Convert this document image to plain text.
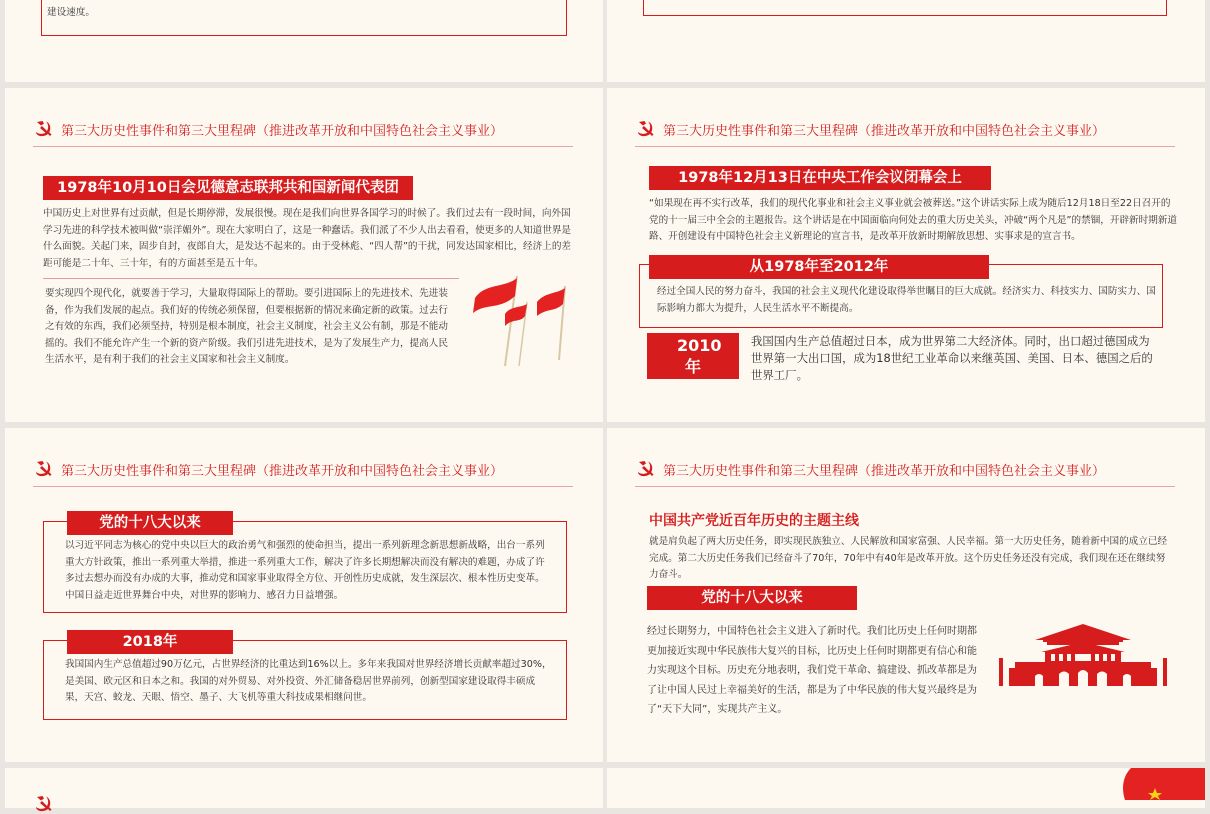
建设速度。
第三大历史性事件和第三大里程碑（推进改革开放和中国特色社会主义事业）
1978年10月10日会见德意志联邦共和国新闻代表团
中国历史上对世界有过贡献，但是长期停滞，发展很慢。现在是我们向世界各国学习的时候了。我们过去有一段时间，向外国学习先进的科学技术被叫做“崇洋媚外”。现在大家明白了，这是一种蠢话。我们派了不少人出去看看，使更多的人知道世界是什么面貌。关起门来，固步自封，夜郎自大，是发达不起来的。由于受林彪、“四人帮”的干扰，同发达国家相比，经济上的差距可能是二十年、三十年，有的方面甚至是五十年。
要实现四个现代化，就要善于学习，大量取得国际上的帮助。要引进国际上的先进技术、先进装备，作为我们发展的起点。我们好的传统必须保留，但要根据新的情况来确定新的政策。过去行之有效的东西，我们必须坚持，特别是根本制度，社会主义制度，社会主义公有制，那是不能动摇的。我们不能允许产生一个新的资产阶级。我们引进先进技术，是为了发展生产力，提高人民生活水平，是有利于我们的社会主义国家和社会主义制度。
第三大历史性事件和第三大里程碑（推进改革开放和中国特色社会主义事业）
1978年12月13日在中央工作会议闭幕会上
“如果现在再不实行改革，我们的现代化事业和社会主义事业就会被葬送。”这个讲话实际上成为随后12月18日至22日召开的党的十一届三中全会的主题报告。这个讲话是在中国面临向何处去的重大历史关头，冲破“两个凡是”的禁锢，开辟新时期新道路、开创建设有中国特色社会主义新理论的宣言书，是改革开放新时期解放思想、实事求是的宣言书。
从1978年至2012年
经过全国人民的努力奋斗，我国的社会主义现代化建设取得举世瞩目的巨大成就。经济实力、科技实力、国防实力、国际影响力都大为提升，人民生活水平不断提高。
2010年
我国国内生产总值超过日本，成为世界第二大经济体。同时，出口超过德国成为世界第一大出口国，成为18世纪工业革命以来继英国、美国、日本、德国之后的世界工厂。
第三大历史性事件和第三大里程碑（推进改革开放和中国特色社会主义事业）
党的十八大以来
以习近平同志为核心的党中央以巨大的政治勇气和强烈的使命担当，提出一系列新理念新思想新战略，出台一系列重大方针政策，推出一系列重大举措，推进一系列重大工作，解决了许多长期想解决而没有解决的难题，办成了许多过去想办而没有办成的大事，推动党和国家事业取得全方位、开创性历史成就，发生深层次、根本性历史变革。中国日益走近世界舞台中央，对世界的影响力、感召力日益增强。
2018年
我国国内生产总值超过90万亿元，占世界经济的比重达到16%以上。多年来我国对世界经济增长贡献率超过30%，是美国、欧元区和日本之和。我国的对外贸易、对外投资、外汇储备稳居世界前列，创新型国家建设取得丰硕成果，天宫、蛟龙、天眼、悟空、墨子、大飞机等重大科技成果相继问世。
第三大历史性事件和第三大里程碑（推进改革开放和中国特色社会主义事业）
中国共产党近百年历史的主题主线
就是肩负起了两大历史任务，即实现民族独立、人民解放和国家富强、人民幸福。第一大历史任务，随着新中国的成立已经完成。第二大历史任务我们已经奋斗了70年，70年中有40年是改革开放。这个历史任务还没有完成，我们现在还在继续努力奋斗。
党的十八大以来
经过长期努力，中国特色社会主义进入了新时代。我们比历史上任何时期都更加接近实现中华民族伟大复兴的目标，比历史上任何时期都更有信心和能力实现这个目标。历史充分地表明，我们党干革命、搞建设、抓改革都是为了让中国人民过上幸福美好的生活，都是为了中华民族的伟大复兴最终是为了“天下大同”，实现共产主义。
